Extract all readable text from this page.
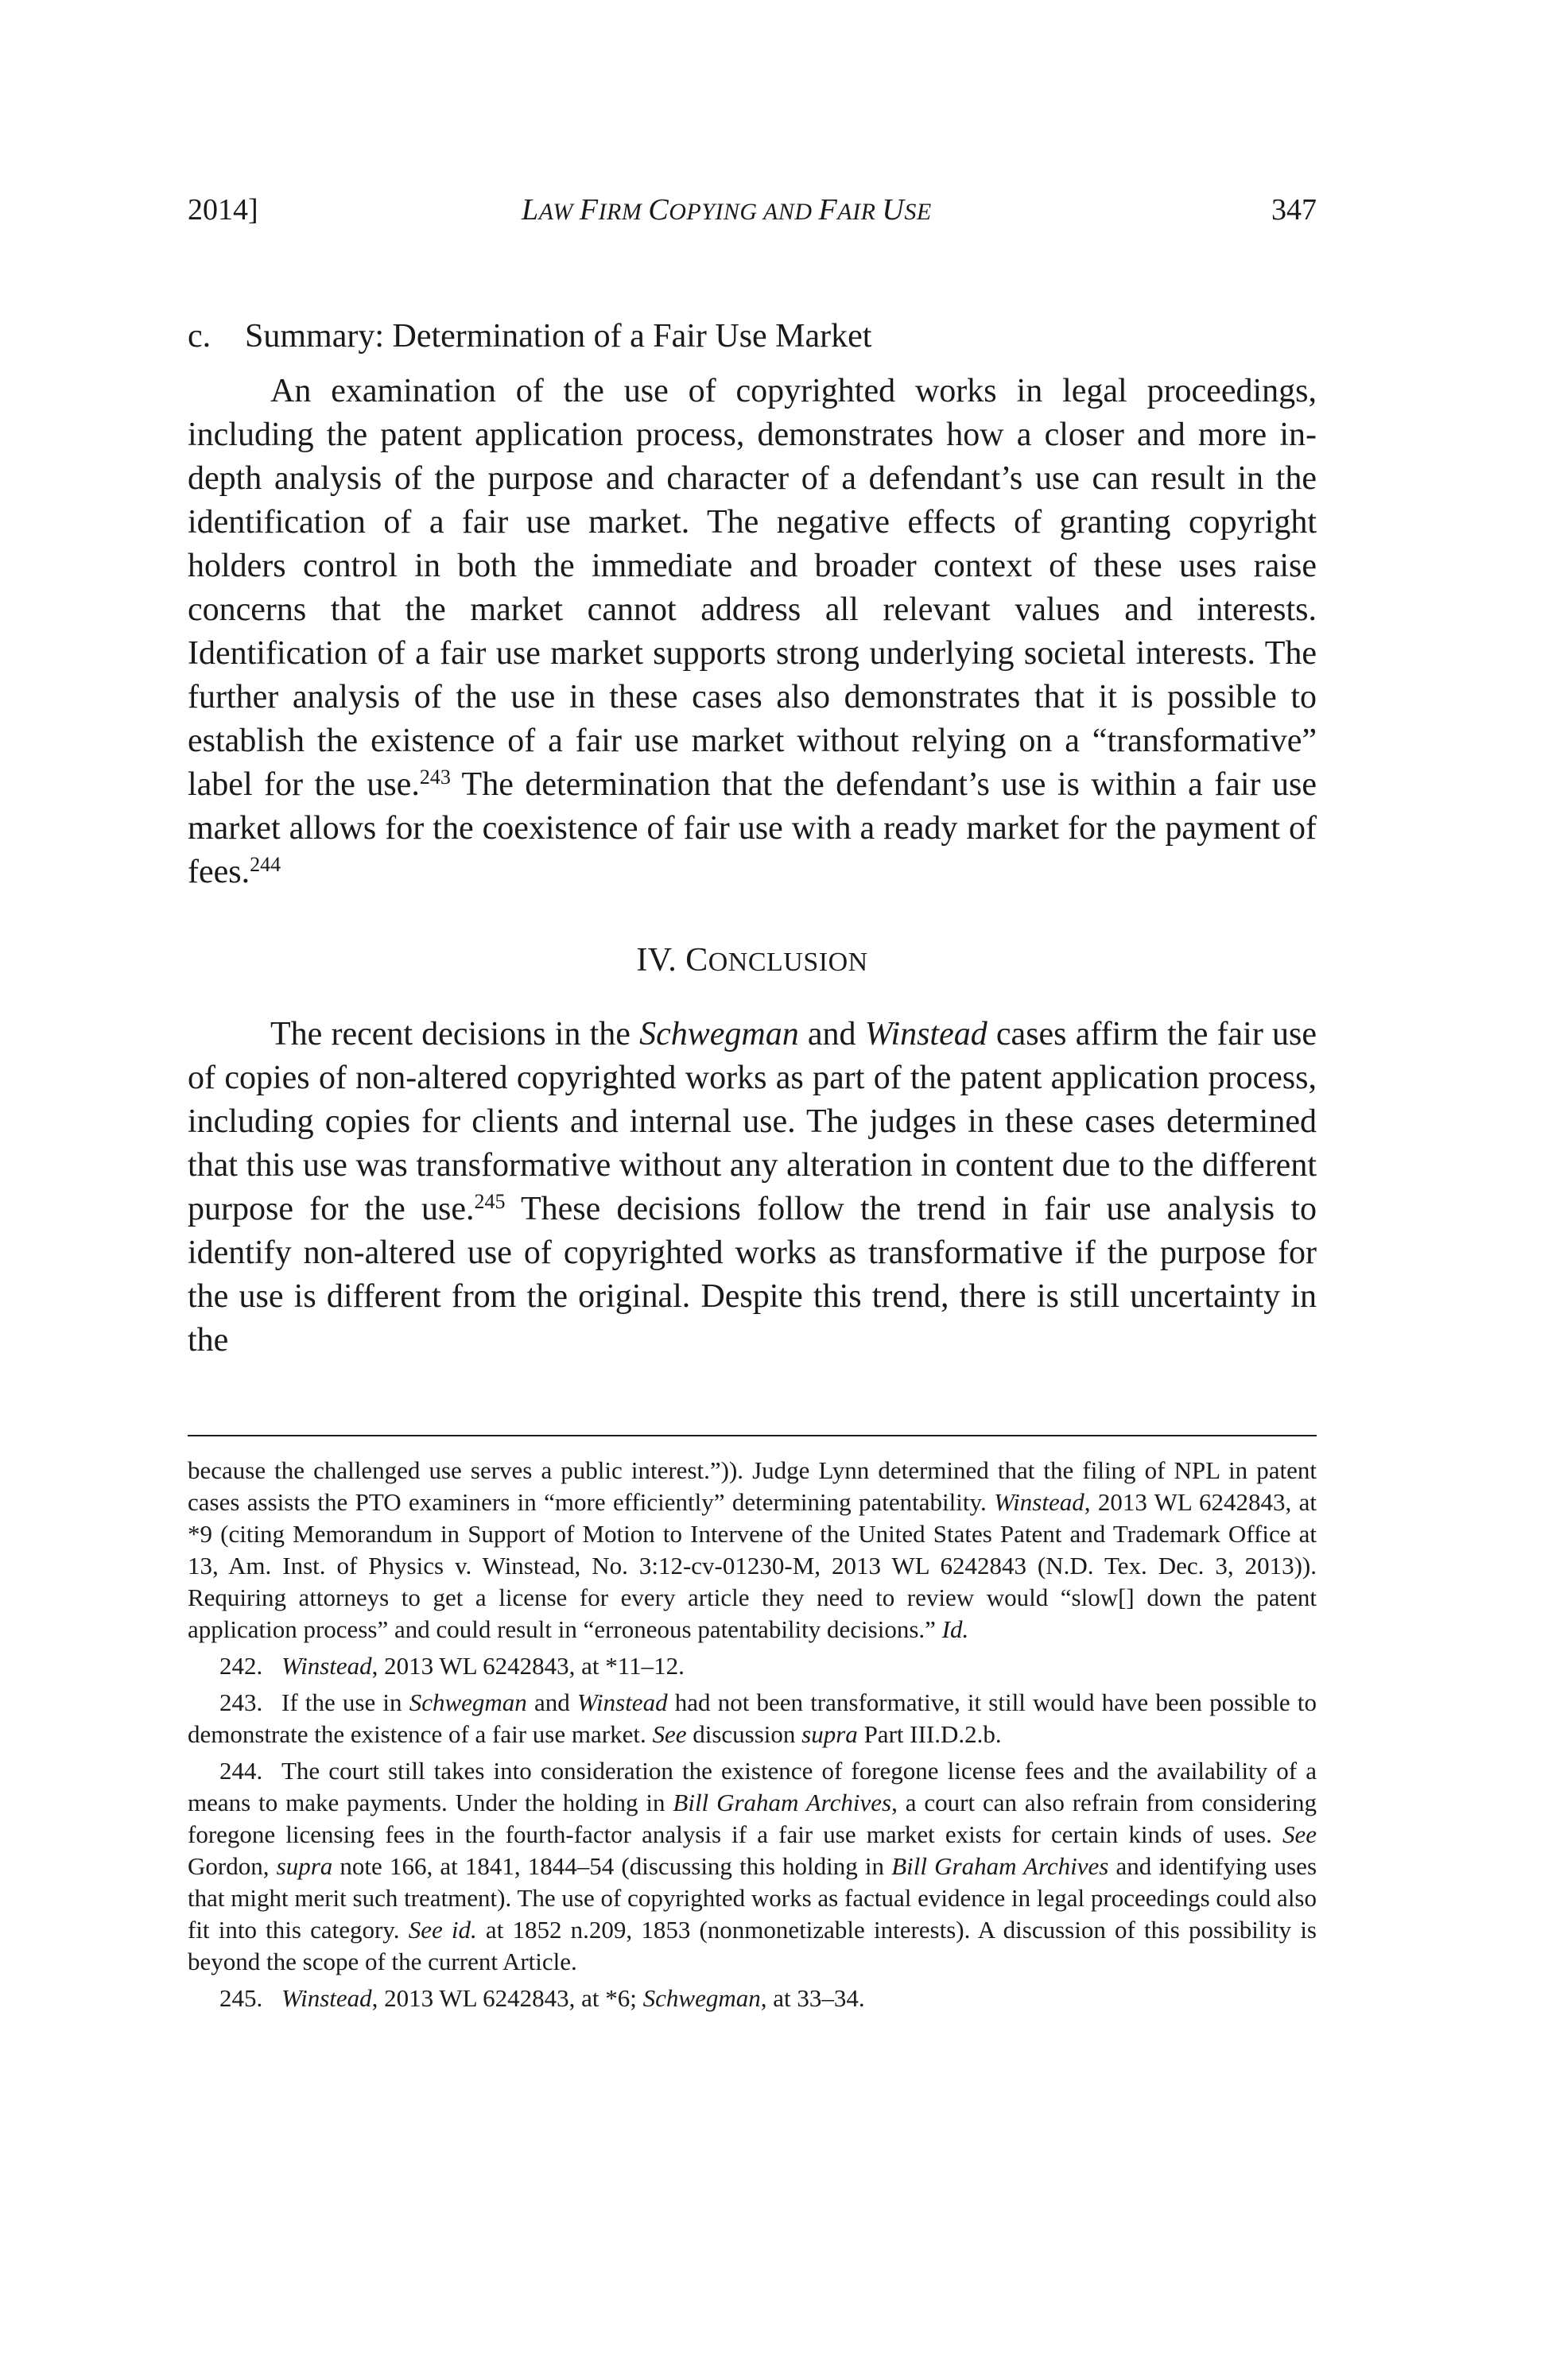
2014]	LAW FIRM COPYING AND FAIR USE	347
c. Summary: Determination of a Fair Use Market

An examination of the use of copyrighted works in legal proceedings, including the patent application process, demonstrates how a closer and more in-depth analysis of the purpose and character of a defendant’s use can result in the identification of a fair use market. The negative effects of granting copyright holders control in both the immediate and broader context of these uses raise concerns that the market cannot address all relevant values and interests. Identification of a fair use market supports strong underlying societal interests. The further analysis of the use in these cases also demonstrates that it is possible to establish the existence of a fair use market without relying on a “transformative” label for the use.$^{243}$ The determination that the defendant’s use is within a fair use market allows for the coexistence of fair use with a ready market for the payment of fees.$^{244}$

IV. CONCLUSION

The recent decisions in the Schwegman and Winstead cases affirm the fair use of copies of non-altered copyrighted works as part of the patent application process, including copies for clients and internal use. The judges in these cases determined that this use was transformative without any alteration in content due to the different purpose for the use.$^{245}$ These decisions follow the trend in fair use analysis to identify non-altered use of copyrighted works as transformative if the purpose for the use is different from the original. Despite this trend, there is still uncertainty in the

because the challenged use serves a public interest.”)). Judge Lynn determined that the filing of NPL in patent cases assists the PTO examiners in “more efficiently” determining patentability. Winstead, 2013 WL 6242843, at *9 (citing Memorandum in Support of Motion to Intervene of the United States Patent and Trademark Office at 13, Am. Inst. of Physics v. Winstead, No. 3:12-cv-01230-M, 2013 WL 6242843 (N.D. Tex. Dec. 3, 2013)). Requiring attorneys to get a license for every article they need to review would “slow[] down the patent application process” and could result in “erroneous patentability decisions.” Id.

242. Winstead, 2013 WL 6242843, at *11–12.

243. If the use in Schwegman and Winstead had not been transformative, it still would have been possible to demonstrate the existence of a fair use market. See discussion supra Part III.D.2.b.

244. The court still takes into consideration the existence of foregone license fees and the availability of a means to make payments. Under the holding in Bill Graham Archives, a court can also refrain from considering foregone licensing fees in the fourth-factor analysis if a fair use market exists for certain kinds of uses. See Gordon, supra note 166, at 1841, 1844–54 (discussing this holding in Bill Graham Archives and identifying uses that might merit such treatment). The use of copyrighted works as factual evidence in legal proceedings could also fit into this category. See id. at 1852 n.209, 1853 (nonmonetizable interests). A discussion of this possibility is beyond the scope of the current Article.

245. Winstead, 2013 WL 6242843, at *6; Schwegman, at 33–34.
